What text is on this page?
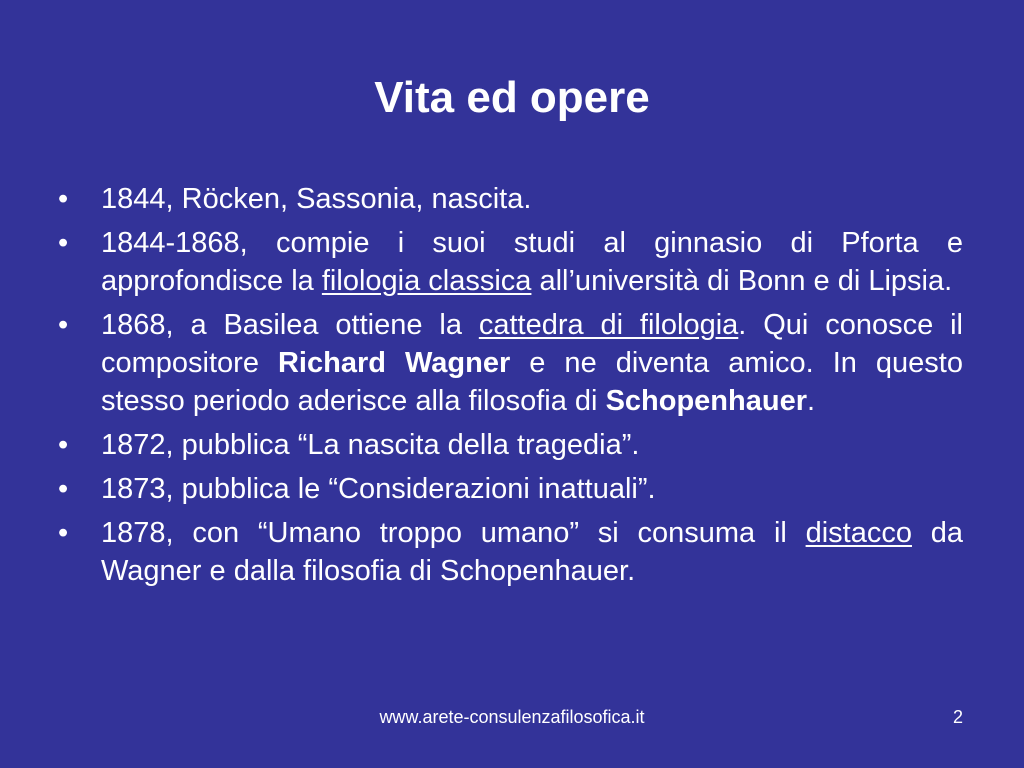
Vita ed opere
•	1844, Röcken, Sassonia, nascita.
•	1844-1868, compie i suoi studi al ginnasio di Pforta e approfondisce la filologia classica all’università di Bonn e di Lipsia.
•	1868, a Basilea ottiene la cattedra di filologia. Qui conosce il compositore Richard Wagner e ne diventa amico. In questo stesso periodo aderisce alla filosofia di Schopenhauer.
•	1872, pubblica “La nascita della tragedia”.
•	1873, pubblica le “Considerazioni inattuali”.
•	1878, con “Umano troppo umano” si consuma il distacco da Wagner e dalla filosofia di Schopenhauer.
www.arete-consulenzafilosofica.it	2
